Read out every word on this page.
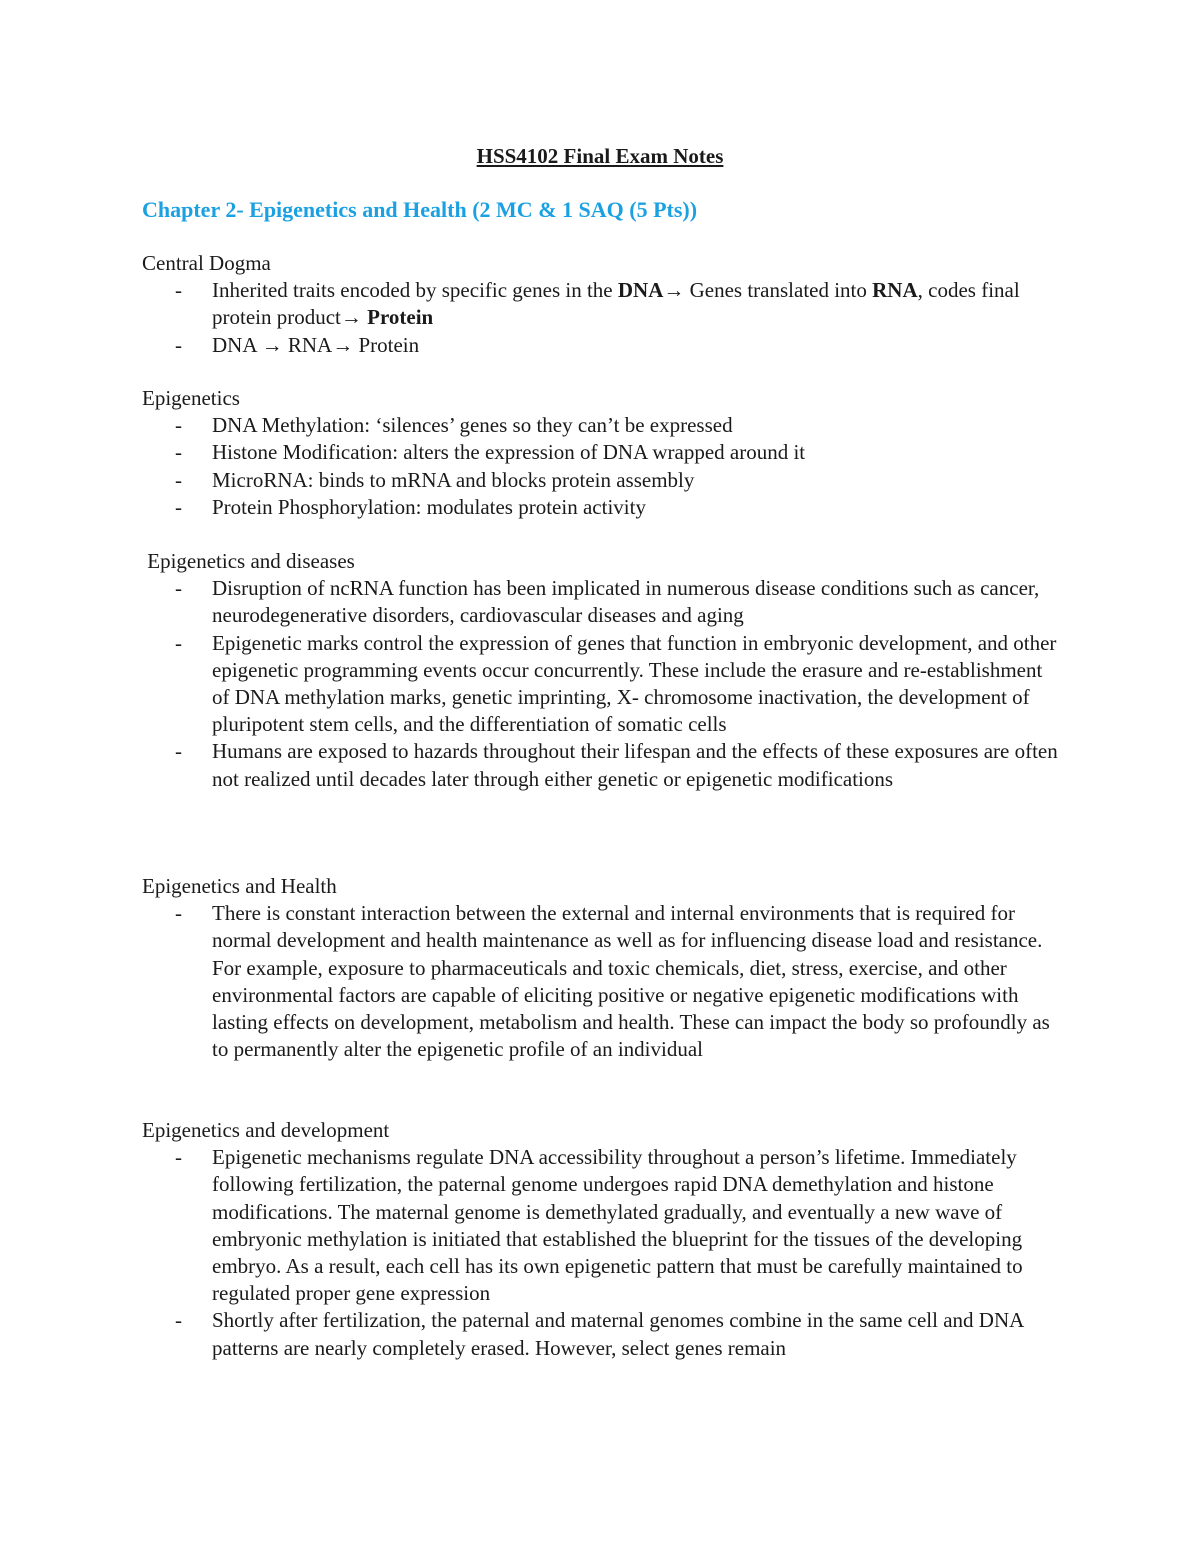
HSS4102 Final Exam Notes
Chapter 2- Epigenetics and Health (2 MC & 1 SAQ (5 Pts))

Central Dogma

- Inherited traits encoded by specific genes in the DNA→ Genes translated into RNA, codes final protein product→ Protein
- DNA → RNA→ Protein

Epigenetics

- DNA Methylation: ‘silences’ genes so they can’t be expressed
- Histone Modification: alters the expression of DNA wrapped around it
- MicroRNA: binds to mRNA and blocks protein assembly
- Protein Phosphorylation: modulates protein activity

Epigenetics and diseases

- Disruption of ncRNA function has been implicated in numerous disease conditions such as cancer, neurodegenerative disorders, cardiovascular diseases and aging
- Epigenetic marks control the expression of genes that function in embryonic development, and other epigenetic programming events occur concurrently. These include the erasure and re-establishment of DNA methylation marks, genetic imprinting, X- chromosome inactivation, the development of pluripotent stem cells, and the differentiation of somatic cells
- Humans are exposed to hazards throughout their lifespan and the effects of these exposures are often not realized until decades later through either genetic or epigenetic modifications

Epigenetics and Health

- There is constant interaction between the external and internal environments that is required for normal development and health maintenance as well as for influencing disease load and resistance. For example, exposure to pharmaceuticals and toxic chemicals, diet, stress, exercise, and other environmental factors are capable of eliciting positive or negative epigenetic modifications with lasting effects on development, metabolism and health. These can impact the body so profoundly as to permanently alter the epigenetic profile of an individual

Epigenetics and development

- Epigenetic mechanisms regulate DNA accessibility throughout a person’s lifetime. Immediately following fertilization, the paternal genome undergoes rapid DNA demethylation and histone modifications. The maternal genome is demethylated gradually, and eventually a new wave of embryonic methylation is initiated that established the blueprint for the tissues of the developing embryo. As a result, each cell has its own epigenetic pattern that must be carefully maintained to regulated proper gene expression
- Shortly after fertilization, the paternal and maternal genomes combine in the same cell and DNA patterns are nearly completely erased. However, select genes remain
